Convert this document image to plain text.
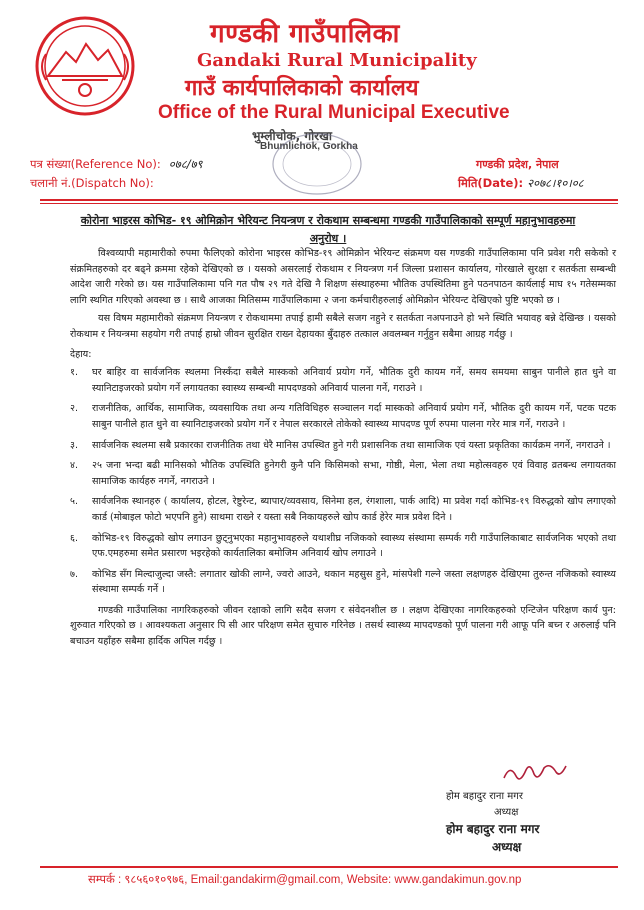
गण्डकी गाउँपालिका
Gandaki Rural Municipality
गाउँ कार्यपालिकाको कार्यालय
Office of the Rural Municipal Executive
भुम्लीचोक, गोरखा
Bhumlichok, Gorkha
पत्र संख्या(Reference No): ०७८/७९
चलानी नं.(Dispatch No):
गण्डकी प्रदेश, नेपाल
मिति(Date): २०७८।१०।०८
कोरोना भाइरस कोभिड- १९ ओमिक्रोन भेरियन्ट नियन्त्रण र रोकथाम सम्बन्धमा गण्डकी गाउँपालिकाको सम्पूर्ण महानुभावहरुमा अनुरोध ।

विश्वव्यापी महामारीको रुपमा फैलिएको कोरोना भाइरस कोभिड-१९ ओमिक्रोन भेरियन्ट संक्रमण यस गण्डकी गाउँपालिकामा पनि प्रवेश गरी सकेको र संक्रमितहरुको दर बढ्ने क्रममा रहेको देखिएको छ । यसको असरलाई रोकथाम र नियन्त्रण गर्न जिल्ला प्रशासन कार्यालय, गोरखाले सुरक्षा र सतर्कता सम्बन्धी आदेश जारी गरेको छ। यस गाउँपालिकामा पनि गत पौष २९ गते देखि नै शिक्षण संस्थाहरुमा भौतिक उपस्थितिमा हुने पठनपाठन कार्यलाई माघ १५ गतेसम्मका लागि स्थगित गरिएको अवस्था छ । साथै आजका मितिसम्म गाउँपालिकामा २ जना कर्मचारीहरुलाई ओमिक्रोन भेरियन्ट देखिएको पुष्टि भएको छ ।

यस विषम महामारीको संक्रमण नियन्त्रण र रोकथाममा तपाई हामी सबैले सजग नहुने र सतर्कता नअपनाउने हो भने स्थिति भयावह बन्ने देखिन्छ । यसको रोकथाम र नियन्त्रमा सहयोग गरी तपाई हाम्रो जीवन सुरक्षित राख्न देहायका बुँदाहरु तत्काल अवलम्बन गर्नुहुन सबैमा आग्रह गर्दछु ।

देहाय:

१. घर बाहिर वा सार्वजनिक स्थलमा निस्कँदा सबैले मास्कको अनिवार्य प्रयोग गर्ने, भौतिक दुरी कायम गर्ने, समय समयमा साबुन पानीले हात धुने वा स्यानिटाइजरको प्रयोग गर्ने लगायतका स्वास्थ्य सम्बन्धी मापदण्डको अनिवार्य पालना गर्ने, गराउने ।
२. राजनीतिक, आर्थिक, सामाजिक, व्यवसायिक तथा अन्य गतिविधिहरु सञ्चालन गर्दा मास्कको अनिवार्य प्रयोग गर्ने, भौतिक दुरी कायम गर्ने, पटक पटक साबुन पानीले हात धुने वा स्यानिटाइजरको प्रयोग गर्ने र नेपाल सरकारले तोकेको स्वास्थ्य मापदण्ड पूर्ण रुपमा पालना गरेर मात्र गर्ने, गराउने ।
३. सार्वजनिक स्थलमा सबै प्रकारका राजनीतिक तथा धेरै मानिस उपस्थित हुने गरी प्रशासनिक तथा सामाजिक एवं यस्ता प्रकृतिका कार्यक्रम नगर्ने, नगराउने ।
४. २५ जना भन्दा बढी मानिसको भौतिक उपस्थिति हुनेगरी कुनै पनि किसिमको सभा, गोष्ठी, मेला, भेला तथा महोत्सवहरु एवं विवाह व्रतबन्ध लगायतका सामाजिक कार्यहरु नगर्ने, नगराउने ।
५. सार्वजनिक स्थानहरु ( कार्यालय, होटल, रेष्टुरेन्ट, ब्यापार/व्यवसाय, सिनेमा हल, रंगशाला, पार्क आदि) मा प्रवेश गर्दा कोभिड-१९ विरुद्धको खोप लगाएको कार्ड (मोबाइल फोटो भएपनि हुने) साथमा राख्ने र यस्ता सबै निकायहरुले खोप कार्ड हेरेर मात्र प्रवेश दिने ।
६. कोभिड-१९ विरुद्धको खोप लगाउन छुट्नुभएका महानुभावहरुले यथाशीघ्र नजिकको स्वास्थ्य संस्थामा सम्पर्क गरी गाउँपालिकाबाट सार्वजनिक भएको तथा एफ.एमहरुमा समेत प्रसारण भइरहेको कार्यतालिका बमोजिम अनिवार्य खोप लगाउने ।
७. कोभिड सँग मिल्दाजुल्दा जस्तै: लगातार खोकी लाग्ने, ज्वरो आउने, थकान महसुस हुने, मांसपेशी गल्ने जस्ता लक्षणहरु देखिएमा तुरुन्त नजिकको स्वास्थ्य संस्थामा सम्पर्क गर्ने ।

गण्डकी गाउँपालिका नागरिकहरुको जीवन रक्षाको लागि सदैव सजग र संवेदनशील छ । लक्षण देखिएका नागरिकहरुको एन्टिजेन परिक्षण कार्य पुन: शुरुवात गरिएको छ । आवश्यकता अनुसार पि सी आर परिक्षण समेत सुचारु गरिनेछ । तसर्थ स्वास्थ्य मापदण्डको पूर्ण पालना गरी आफू पनि बच्न र अरुलाई पनि बचाउन यहाँहरु सबैमा हार्दिक अपिल गर्दछु ।

होम बहादुर राना मगर
अध्यक्ष
होम बहादुर राना मगर
अध्यक्ष
सम्पर्क : ९८५६०१०९७६, Email:gandakirm@gmail.com, Website: www.gandakimun.gov.np
